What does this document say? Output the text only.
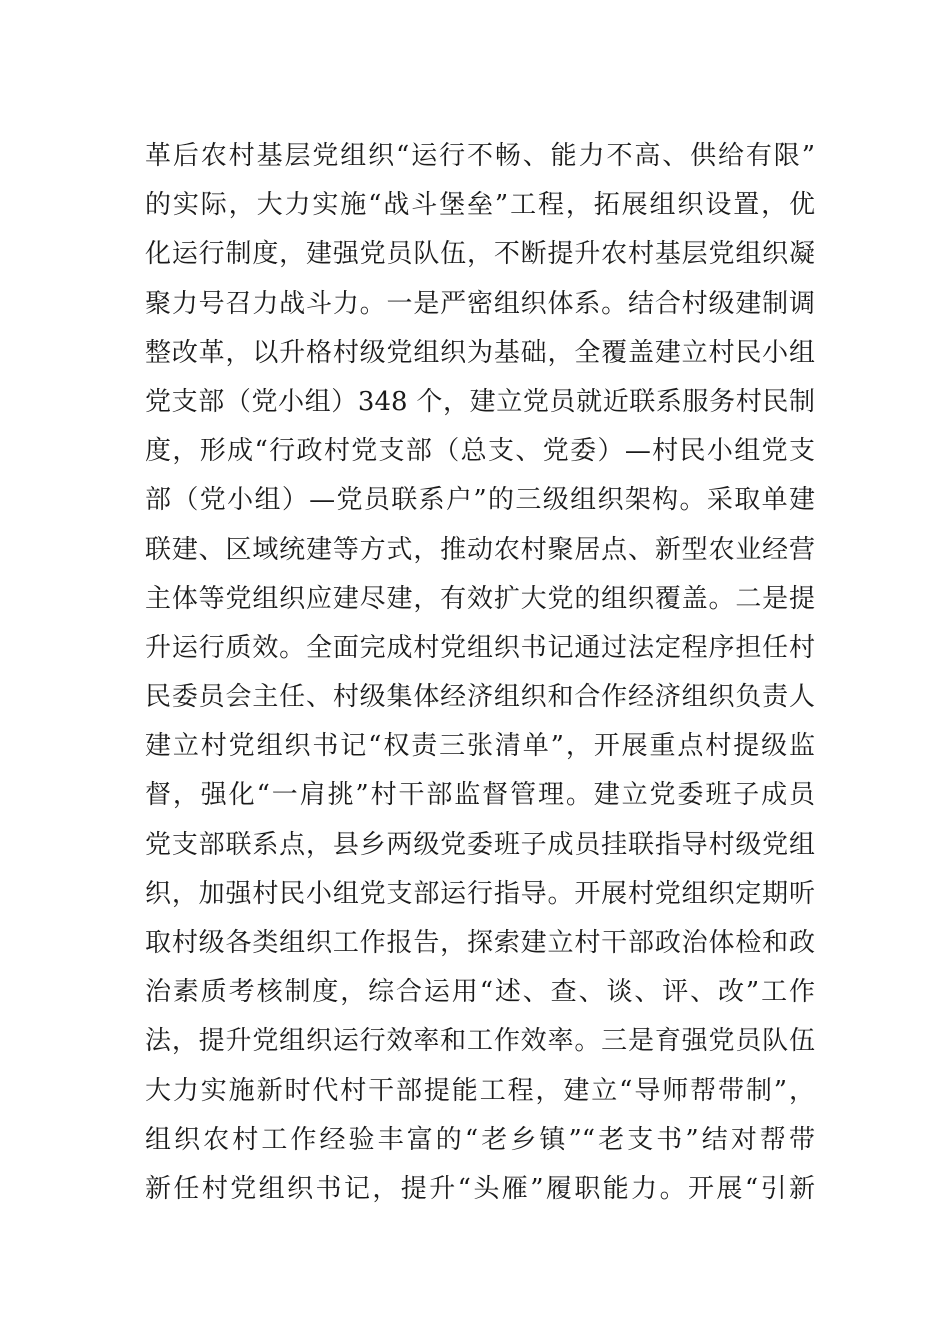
革后农村基层党组织“运行不畅、能力不高、供给有限”
的实际，大力实施“战斗堡垒”工程，拓展组织设置，优
化运行制度，建强党员队伍，不断提升农村基层党组织凝
聚力号召力战斗力。一是严密组织体系。结合村级建制调
整改革，以升格村级党组织为基础，全覆盖建立村民小组
党支部（党小组）348 个，建立党员就近联系服务村民制
度，形成“行政村党支部（总支、党委）—村民小组党支
部（党小组）—党员联系户”的三级组织架构。采取单建
联建、区域统建等方式，推动农村聚居点、新型农业经营
主体等党组织应建尽建，有效扩大党的组织覆盖。二是提
升运行质效。全面完成村党组织书记通过法定程序担任村
民委员会主任、村级集体经济组织和合作经济组织负责人
建立村党组织书记“权责三张清单”，开展重点村提级监
督，强化“一肩挑”村干部监督管理。建立党委班子成员
党支部联系点，县乡两级党委班子成员挂联指导村级党组
织，加强村民小组党支部运行指导。开展村党组织定期听
取村级各类组织工作报告，探索建立村干部政治体检和政
治素质考核制度，综合运用“述、查、谈、评、改”工作
法，提升党组织运行效率和工作效率。三是育强党员队伍
大力实施新时代村干部提能工程，建立“导师帮带制”，
组织农村工作经验丰富的“老乡镇”“老支书”结对帮带
新任村党组织书记，提升“头雁”履职能力。开展“引新
